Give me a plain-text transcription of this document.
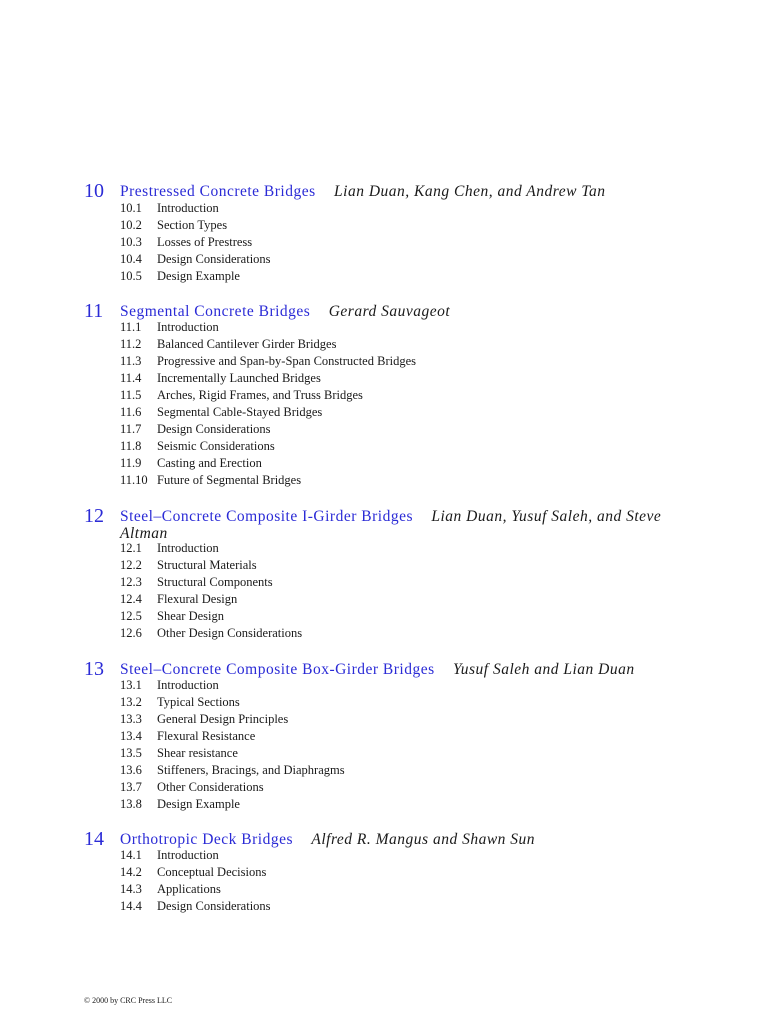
10 Prestressed Concrete Bridges Lian Duan, Kang Chen, and Andrew Tan
10.1 Introduction
10.2 Section Types
10.3 Losses of Prestress
10.4 Design Considerations
10.5 Design Example
11 Segmental Concrete Bridges Gerard Sauvageot
11.1 Introduction
11.2 Balanced Cantilever Girder Bridges
11.3 Progressive and Span-by-Span Constructed Bridges
11.4 Incrementally Launched Bridges
11.5 Arches, Rigid Frames, and Truss Bridges
11.6 Segmental Cable-Stayed Bridges
11.7 Design Considerations
11.8 Seismic Considerations
11.9 Casting and Erection
11.10 Future of Segmental Bridges
12 Steel–Concrete Composite I-Girder Bridges Lian Duan, Yusuf Saleh, and Steve Altman
12.1 Introduction
12.2 Structural Materials
12.3 Structural Components
12.4 Flexural Design
12.5 Shear Design
12.6 Other Design Considerations
13 Steel–Concrete Composite Box-Girder Bridges Yusuf Saleh and Lian Duan
13.1 Introduction
13.2 Typical Sections
13.3 General Design Principles
13.4 Flexural Resistance
13.5 Shear resistance
13.6 Stiffeners, Bracings, and Diaphragms
13.7 Other Considerations
13.8 Design Example
14 Orthotropic Deck Bridges Alfred R. Mangus and Shawn Sun
14.1 Introduction
14.2 Conceptual Decisions
14.3 Applications
14.4 Design Considerations
© 2000 by CRC Press LLC
